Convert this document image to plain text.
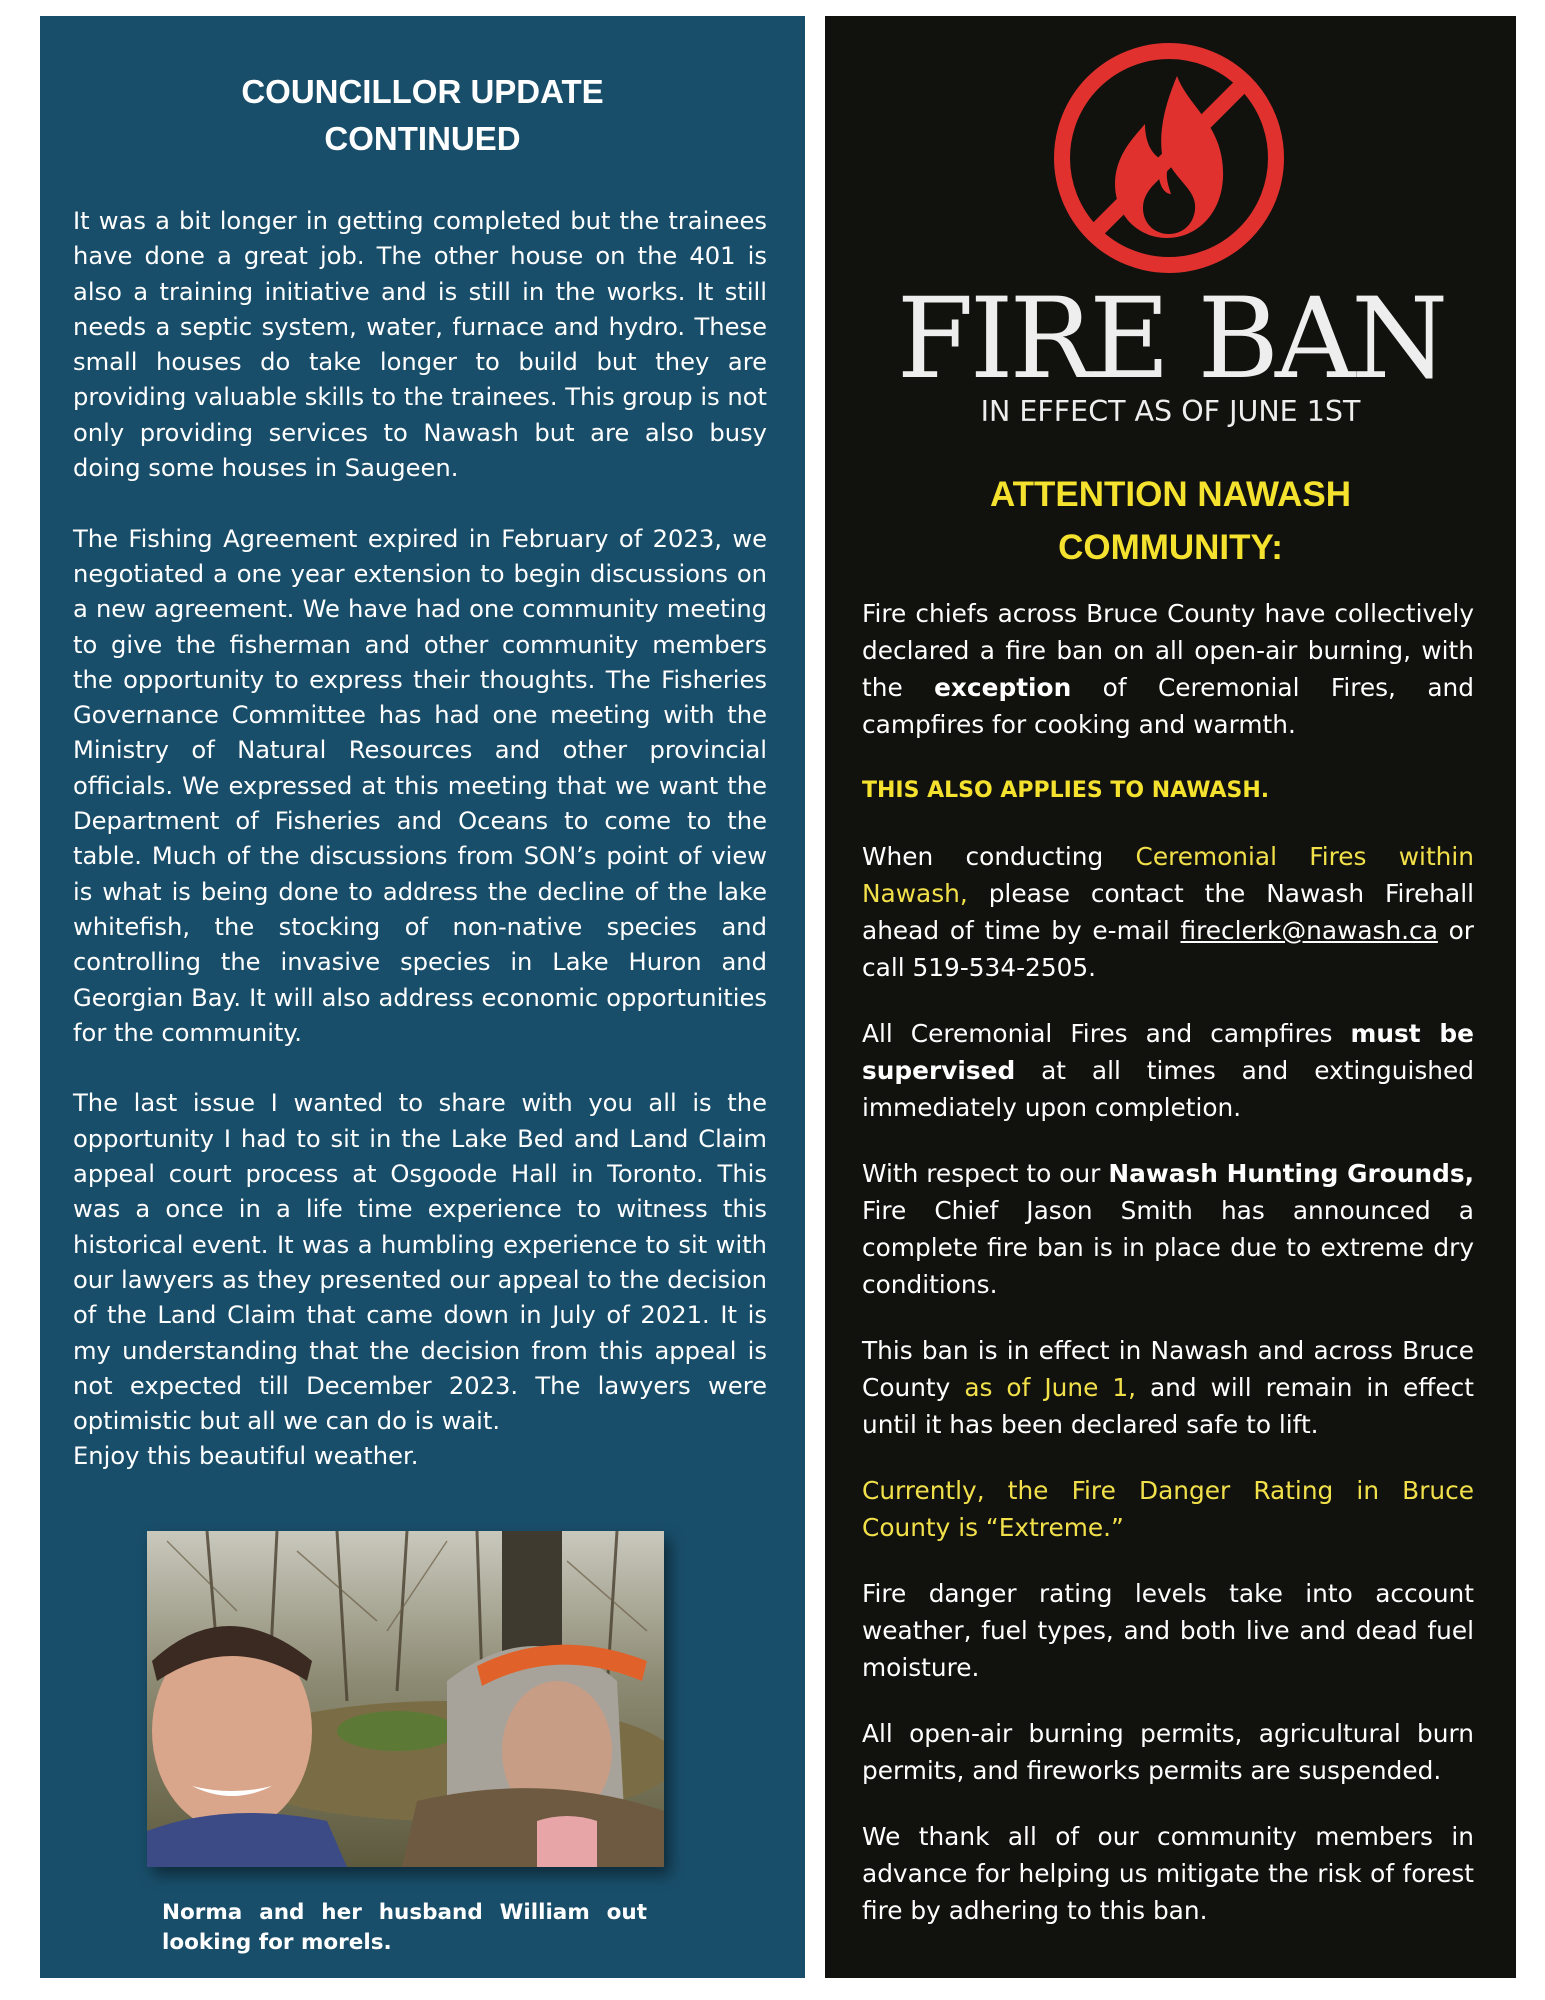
COUNCILLOR UPDATE
CONTINUED

It was a bit longer in getting completed but the trainees have done a great job. The other house on the 401 is also a training initiative and is still in the works. It still needs a septic system, water, furnace and hydro. These small houses do take longer to build but they are providing valuable skills to the trainees. This group is not only providing services to Nawash but are also busy doing some houses in Saugeen.

The Fishing Agreement expired in February of 2023, we negotiated a one year extension to begin discussions on a new agreement. We have had one community meeting to give the fisherman and other community members the opportunity to express their thoughts. The Fisheries Governance Committee has had one meeting with the Ministry of Natural Resources and other provincial officials. We expressed at this meeting that we want the Department of Fisheries and Oceans to come to the table. Much of the discussions from SON’s point of view is what is being done to address the decline of the lake whitefish, the stocking of non-native species and controlling the invasive species in Lake Huron and Georgian Bay. It will also address economic opportunities for the community.

The last issue I wanted to share with you all is the opportunity I had to sit in the Lake Bed and Land Claim appeal court process at Osgoode Hall in Toronto. This was a once in a life time experience to witness this historical event. It was a humbling experience to sit with our lawyers as they presented our appeal to the decision of the Land Claim that came down in July of 2021. It is my understanding that the decision from this appeal is not expected till December 2023. The lawyers were optimistic but all we can do is wait.

Enjoy this beautiful weather.

Norma and her husband William out looking for morels.
FIRE BAN
IN EFFECT AS OF JUNE 1ST
ATTENTION NAWASH
COMMUNITY:

Fire chiefs across Bruce County have collectively declared a fire ban on all open-air burning, with the exception of Ceremonial Fires, and campfires for cooking and warmth.

THIS ALSO APPLIES TO NAWASH.

When conducting Ceremonial Fires within Nawash, please contact the Nawash Firehall ahead of time by e-mail fireclerk@nawash.ca or call 519-534-2505.

All Ceremonial Fires and campfires must be supervised at all times and extinguished immediately upon completion.

With respect to our Nawash Hunting Grounds, Fire Chief Jason Smith has announced a complete fire ban is in place due to extreme dry conditions.

This ban is in effect in Nawash and across Bruce County as of June 1, and will remain in effect until it has been declared safe to lift.

Currently, the Fire Danger Rating in Bruce County is “Extreme.”

Fire danger rating levels take into account weather, fuel types, and both live and dead fuel moisture.

All open-air burning permits, agricultural burn permits, and fireworks permits are suspended.

We thank all of our community members in advance for helping us mitigate the risk of forest fire by adhering to this ban.
